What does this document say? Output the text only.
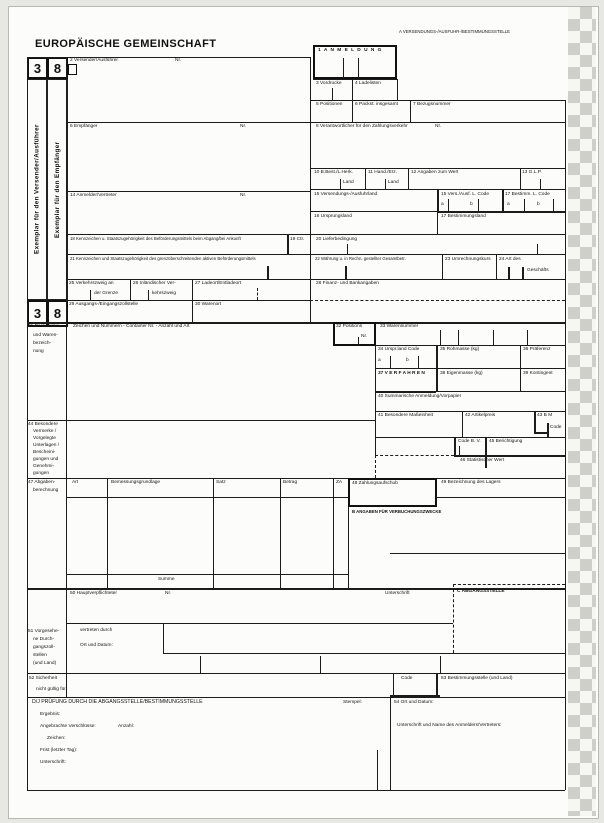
EUROPÄISCHE GEMEINSCHAFT
A VERSENDUNGS-/AUSFUHR-/BESTIMMUNGSSTELLE
3 8
Exemplar für den Versender/Ausführer	Exemplar für den Empfänger
3 8
1 A N M E L D U N G
2 Versender/Ausführer	Nr.
3 Vordrucke	4 Ladelisten
5 Positionen	6 Packst. insgesamt	7 Bezugsnummer
6 Empfänger	Nr.	8 Verantwortlicher für den Zahlungsverkehr	Nr.
10 B.Best./L.Herk.	11 Hand./Erz.	12 Angaben zum Wert	13 G.L.P.
Land	Land
15 Versendungs-/Ausfuhrland	15 Vers./Ausf. L. Code	17 Bestimm. L. Code
a	b	a	b
16 Ursprungsland	17 Bestimmungsland
14 Anmelder/Vertreter	Nr.
18 Kennzeichen u. Staatszugehörigkeit des Beförderungsmittels beim Abgang/bei Ankunft	19 Ctr. 20 Lieferbedingung
21 Kennzeichen und Staatszugehörigkeit des grenzüberschreitenden aktiven Beförderungsmittels	22 Währung u. in Rechn. gestellter Gesamtbetr.	23 Umrechnungskurs 24 Art des
Geschäfts
25 Verkehrszweig an
der Grenze
26 Inländischer Ver-
kehrszweig
27 Ladeort/Entladeort	28 Finanz- und Bankangaben
29 Ausgangs-/Eingangszollstelle	30 Warenort
31 Packstücke
und Waren-
bezeich-
nung
Zeichen und Nummern - Container Nr. - Anzahl und Art	32 Positions
Nr.
33 Warennummer
34 Urspr.land Code	35 Rohmasse (kg)	36 Präferenz
a	b
37 V E R F A H R E N	38 Eigenmasse (kg)	39 Kontingent
40 Summarische Anmeldung/Vorpapier
41 Besondere Maßeinheit	42 Artikelpreis	43 B M
Code
44 Besondere
Vermerke /
Vorgelegte
Unterlagen /
Bescheini-
gungen und
Genehmi-
gungen
Code B. V. 45 Berichtigung
46 Statistischer Wert
47 Abgaben-
berechnung
Art	Bemessungsgrundlage	Satz	Betrag	ZA
Summe
48 Zahlungsaufschub	49 Bezeichnung des Lagers
B ANGABEN FÜR VERBUCHUNGSZWECKE
50 Hauptverpflichteter	Nr.	Unterschrift	C ABGANGSSTELLE
vertreten durch
Ort und Datum:
51 Vorgesehe-
ne Durch-
gangszoll-
stellen
(und Land)
52 Sicherheit
nicht gültig für
Code	53 Bestimmungsstelle (und Land)
D/J PRÜFUNG DURCH DIE ABGANGSSTELLE/BESTIMMUNGSSTELLE	Stempel:	54 Ort und Datum:
Ergebnis:
Angebrachte Verschlüsse:	Anzahl:
Zeichen:
Frist (letzter Tag):
Unterschrift:
Unterschrift und Name des Anmelders/Vertreters:
